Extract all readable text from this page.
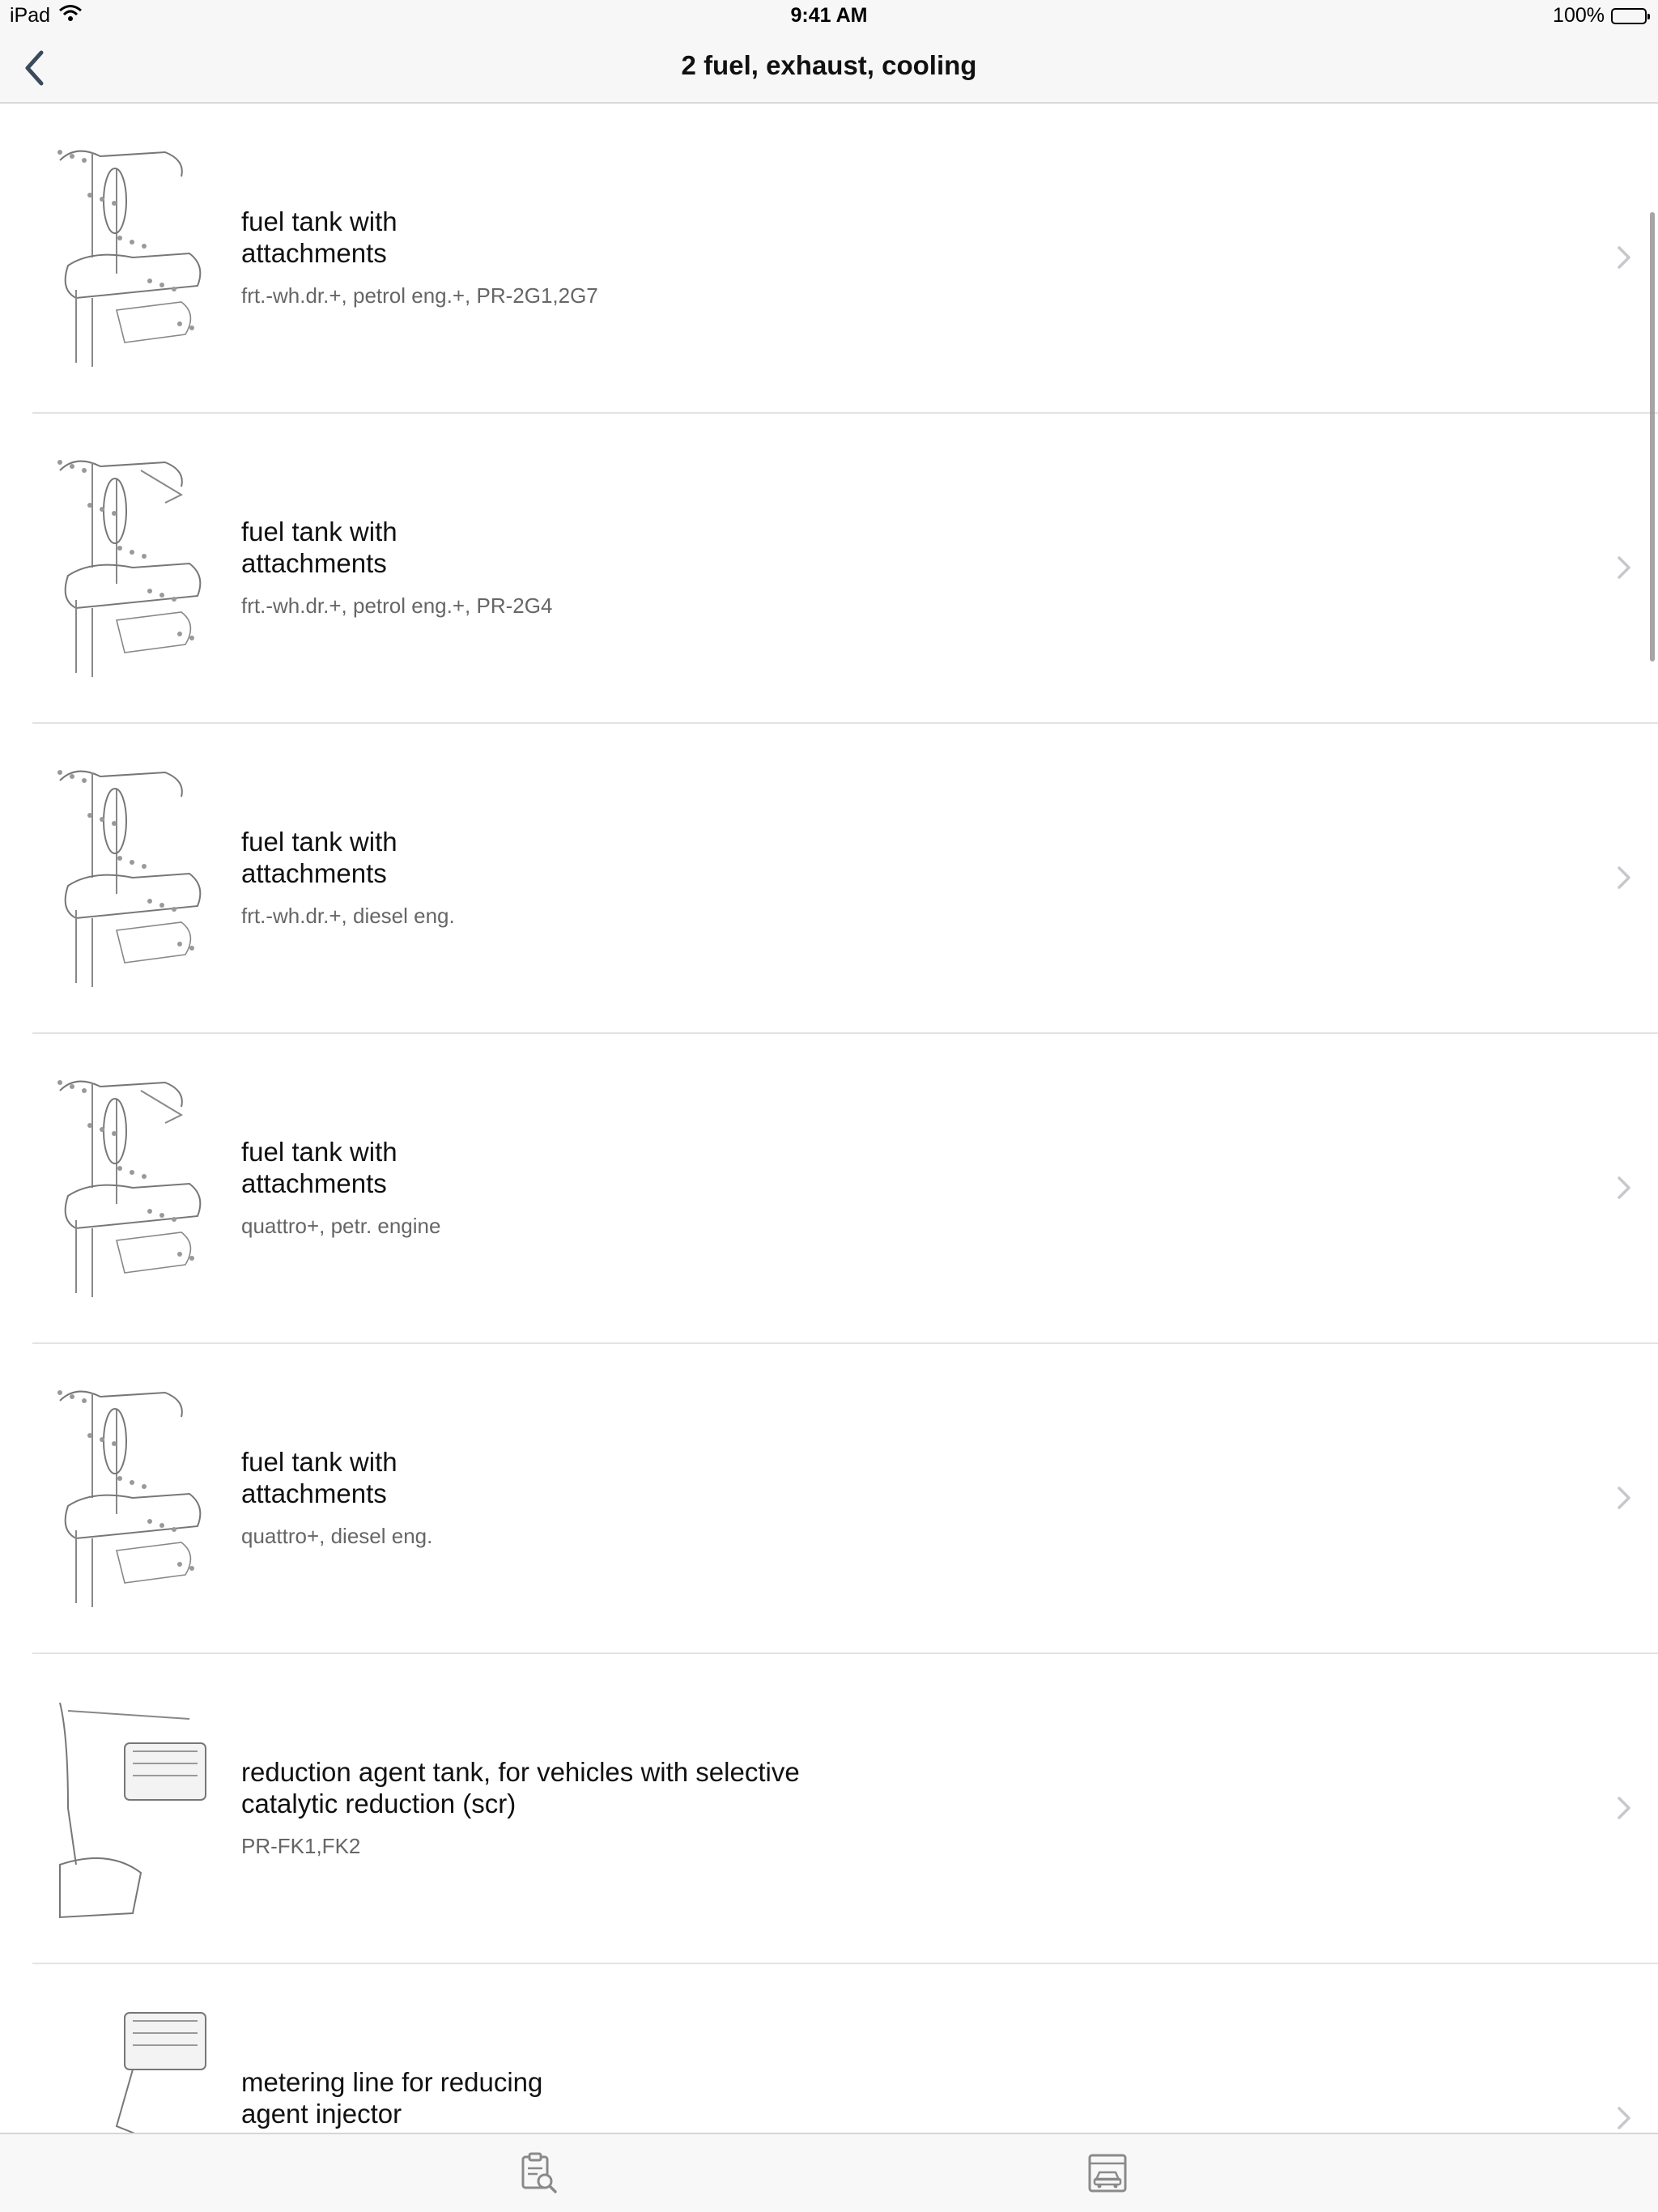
iPad	9:41 AM	100%
2 fuel, exhaust, cooling
fuel tank with
attachments
frt.-wh.dr.+, petrol eng.+, PR-2G1,2G7
fuel tank with
attachments
frt.-wh.dr.+, petrol eng.+, PR-2G4
fuel tank with
attachments
frt.-wh.dr.+, diesel eng.
fuel tank with
attachments
quattro+, petr. engine
fuel tank with
attachments
quattro+, diesel eng.
reduction agent tank, for vehicles with selective
catalytic reduction (scr)
PR-FK1,FK2
metering line for reducing
agent injector
